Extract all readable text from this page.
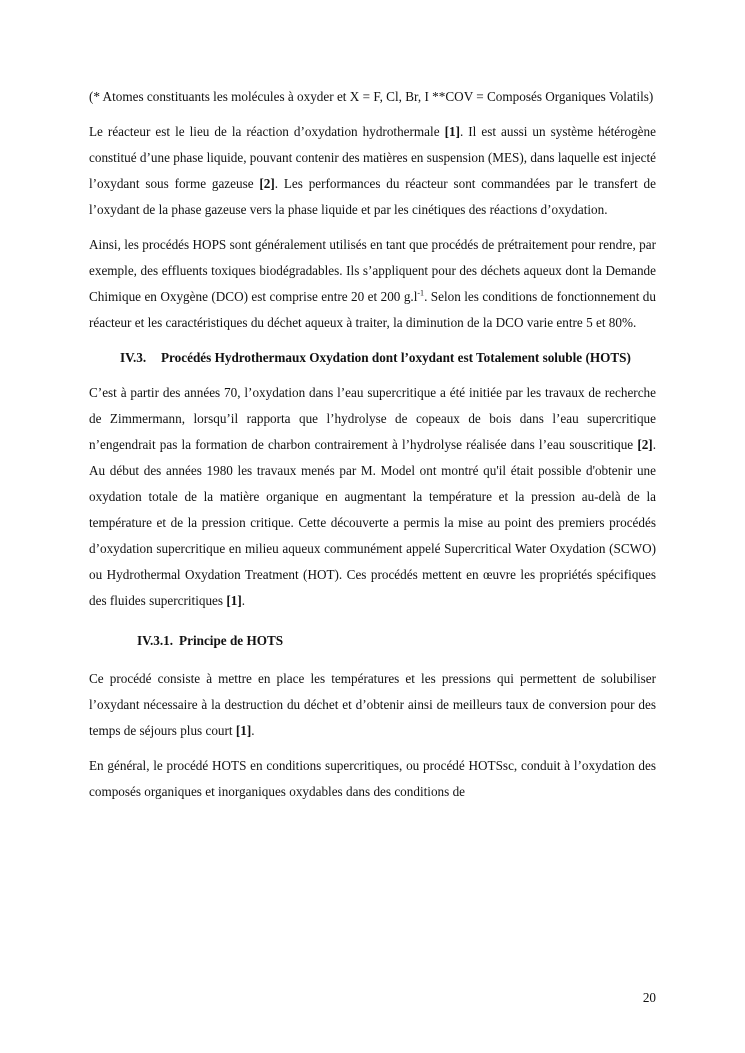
(* Atomes constituants les molécules à oxyder et X = F, Cl, Br, I **COV = Composés Organiques Volatils)

Le réacteur est le lieu de la réaction d’oxydation hydrothermale [1]. Il est aussi un système hétérogène constitué d’une phase liquide, pouvant contenir des matières en suspension (MES), dans laquelle est injecté l’oxydant sous forme gazeuse [2]. Les performances du réacteur sont commandées par le transfert de l’oxydant de la phase gazeuse vers la phase liquide et par les cinétiques des réactions d’oxydation.

Ainsi, les procédés HOPS sont généralement utilisés en tant que procédés de prétraitement pour rendre, par exemple, des effluents toxiques biodégradables. Ils s’appliquent pour des déchets aqueux dont la Demande Chimique en Oxygène (DCO) est comprise entre 20 et 200 $g.l^{-1}$. Selon les conditions de fonctionnement du réacteur et les caractéristiques du déchet aqueux à traiter, la diminution de la DCO varie entre 5 et 80%.

IV.3.	Procédés Hydrothermaux Oxydation dont l’oxydant est Totalement soluble (HOTS)

C’est à partir des années 70, l’oxydation dans l’eau supercritique a été initiée par les travaux de recherche de Zimmermann, lorsqu’il rapporta que l’hydrolyse de copeaux de bois dans l’eau supercritique n’engendrait pas la formation de charbon contrairement à l’hydrolyse réalisée dans l’eau souscritique [2]. Au début des années 1980 les travaux menés par M. Model ont montré qu'il était possible d'obtenir une oxydation totale de la matière organique en augmentant la température et la pression au-delà de la température et de la pression critique. Cette découverte a permis la mise au point des premiers procédés d’oxydation supercritique en milieu aqueux communément appelé Supercritical Water Oxydation (SCWO) ou Hydrothermal Oxydation Treatment (HOT). Ces procédés mettent en œuvre les propriétés spécifiques des fluides supercritiques [1].

IV.3.1. Principe de HOTS

Ce procédé consiste à mettre en place les températures et les pressions qui permettent de solubiliser l’oxydant nécessaire à la destruction du déchet et d’obtenir ainsi de meilleurs taux de conversion pour des temps de séjours plus court [1].

En général, le procédé HOTS en conditions supercritiques, ou procédé HOTSsc, conduit à l’oxydation des composés organiques et inorganiques oxydables dans des conditions de

20
